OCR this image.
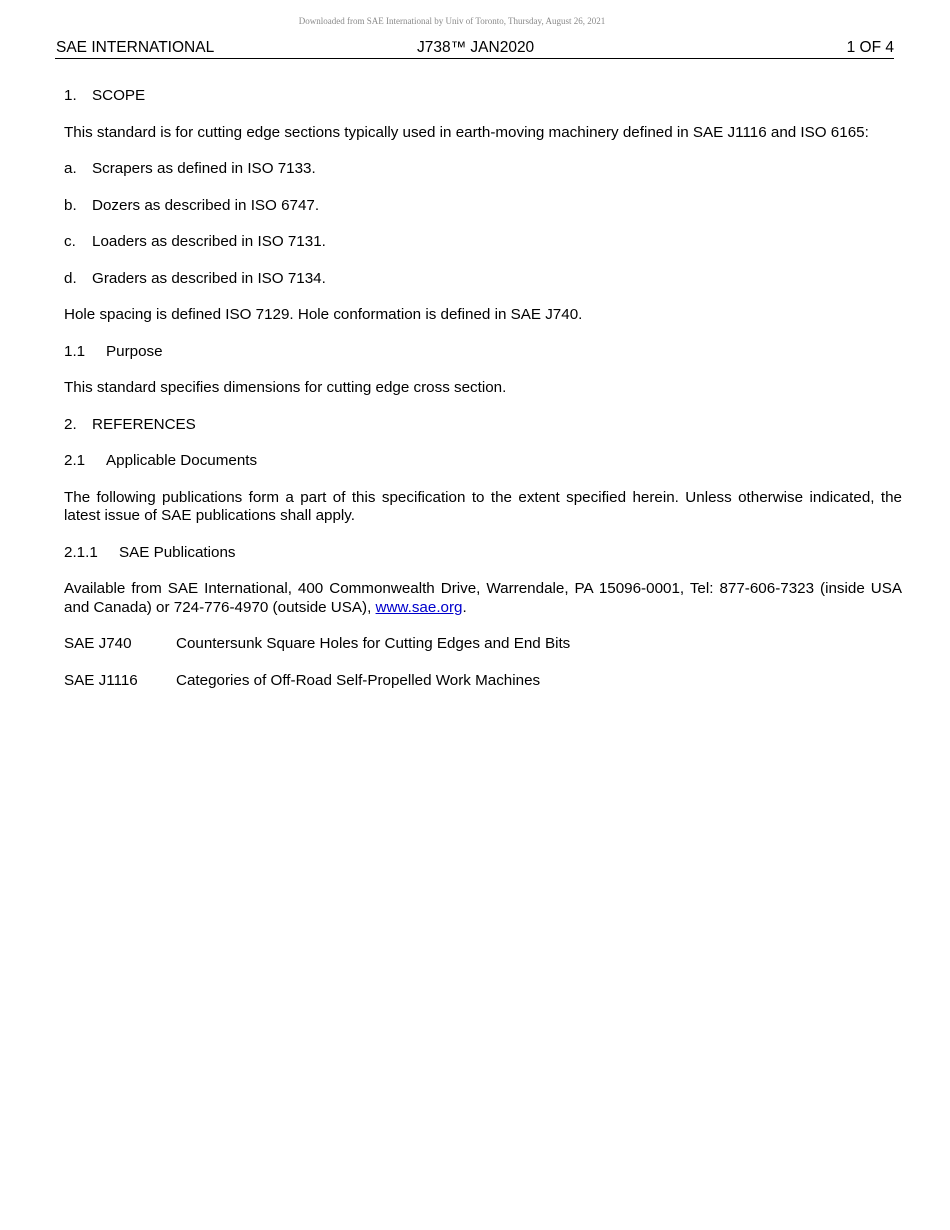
Downloaded from SAE International by Univ of Toronto, Thursday, August 26, 2021
SAE INTERNATIONAL	J738™ JAN2020	1 OF 4
1. SCOPE
This standard is for cutting edge sections typically used in earth-moving machinery defined in SAE J1116 and ISO 6165:
a. Scrapers as defined in ISO 7133.
b. Dozers as described in ISO 6747.
c. Loaders as described in ISO 7131.
d. Graders as described in ISO 7134.
Hole spacing is defined ISO 7129. Hole conformation is defined in SAE J740.
1.1 Purpose
This standard specifies dimensions for cutting edge cross section.
2. REFERENCES
2.1 Applicable Documents
The following publications form a part of this specification to the extent specified herein. Unless otherwise indicated, the latest issue of SAE publications shall apply.
2.1.1 SAE Publications
Available from SAE International, 400 Commonwealth Drive, Warrendale, PA 15096-0001, Tel: 877-606-7323 (inside USA and Canada) or 724-776-4970 (outside USA), www.sae.org.
SAE J740	Countersunk Square Holes for Cutting Edges and End Bits
SAE J1116	Categories of Off-Road Self-Propelled Work Machines
